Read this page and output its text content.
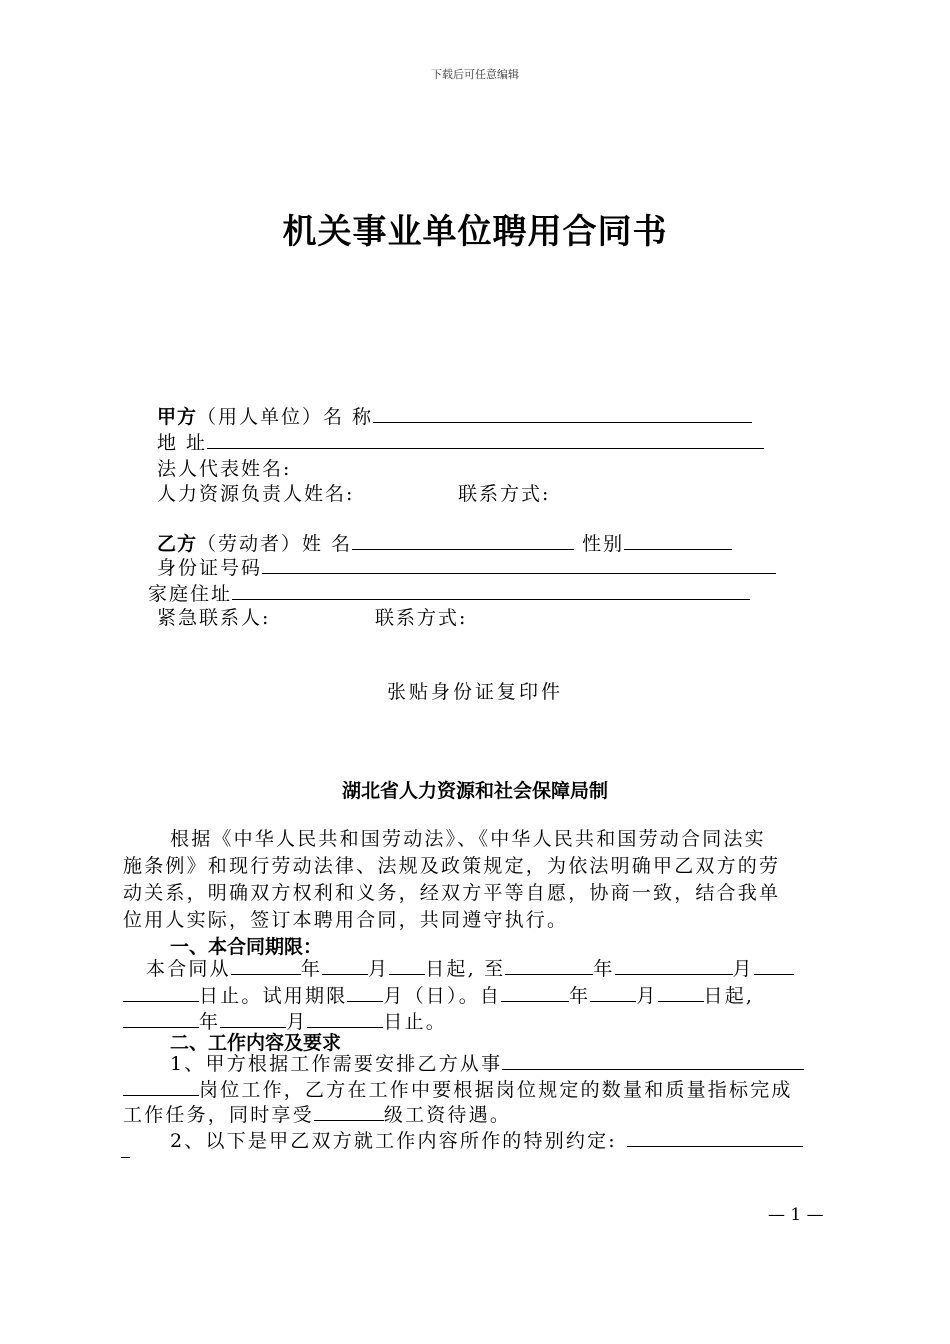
下载后可任意编辑
机关事业单位聘用合同书
甲方（用人单位）名 称
地 址
法人代表姓名:
人力资源负责人姓名:	联系方式:
乙方（劳动者）姓 名	性别
身份证号码
家庭住址
紧急联系人:	联系方式:
张贴身份证复印件
湖北省人力资源和社会保障局制
根据《中华人民共和国劳动法》、《中华人民共和国劳动合同法实
施条例》和现行劳动法律、法规及政策规定，为依法明确甲乙双方的劳
动关系，明确双方权利和义务，经双方平等自愿，协商一致，结合我单
位用人实际，签订本聘用合同，共同遵守执行。
一、本合同期限：
本合同从	年 月 日起, 至	年	月
日止。试用期限 月（日）。自	年 月 日起,
年	月	日止。
二、工作内容及要求
1、甲方根据工作需要安排乙方从事
岗位工作，乙方在工作中要根据岗位规定的数量和质量指标完成
工作任务，同时享受	级工资待遇。
2、以下是甲乙双方就工作内容所作的特别约定:
— 1 —
